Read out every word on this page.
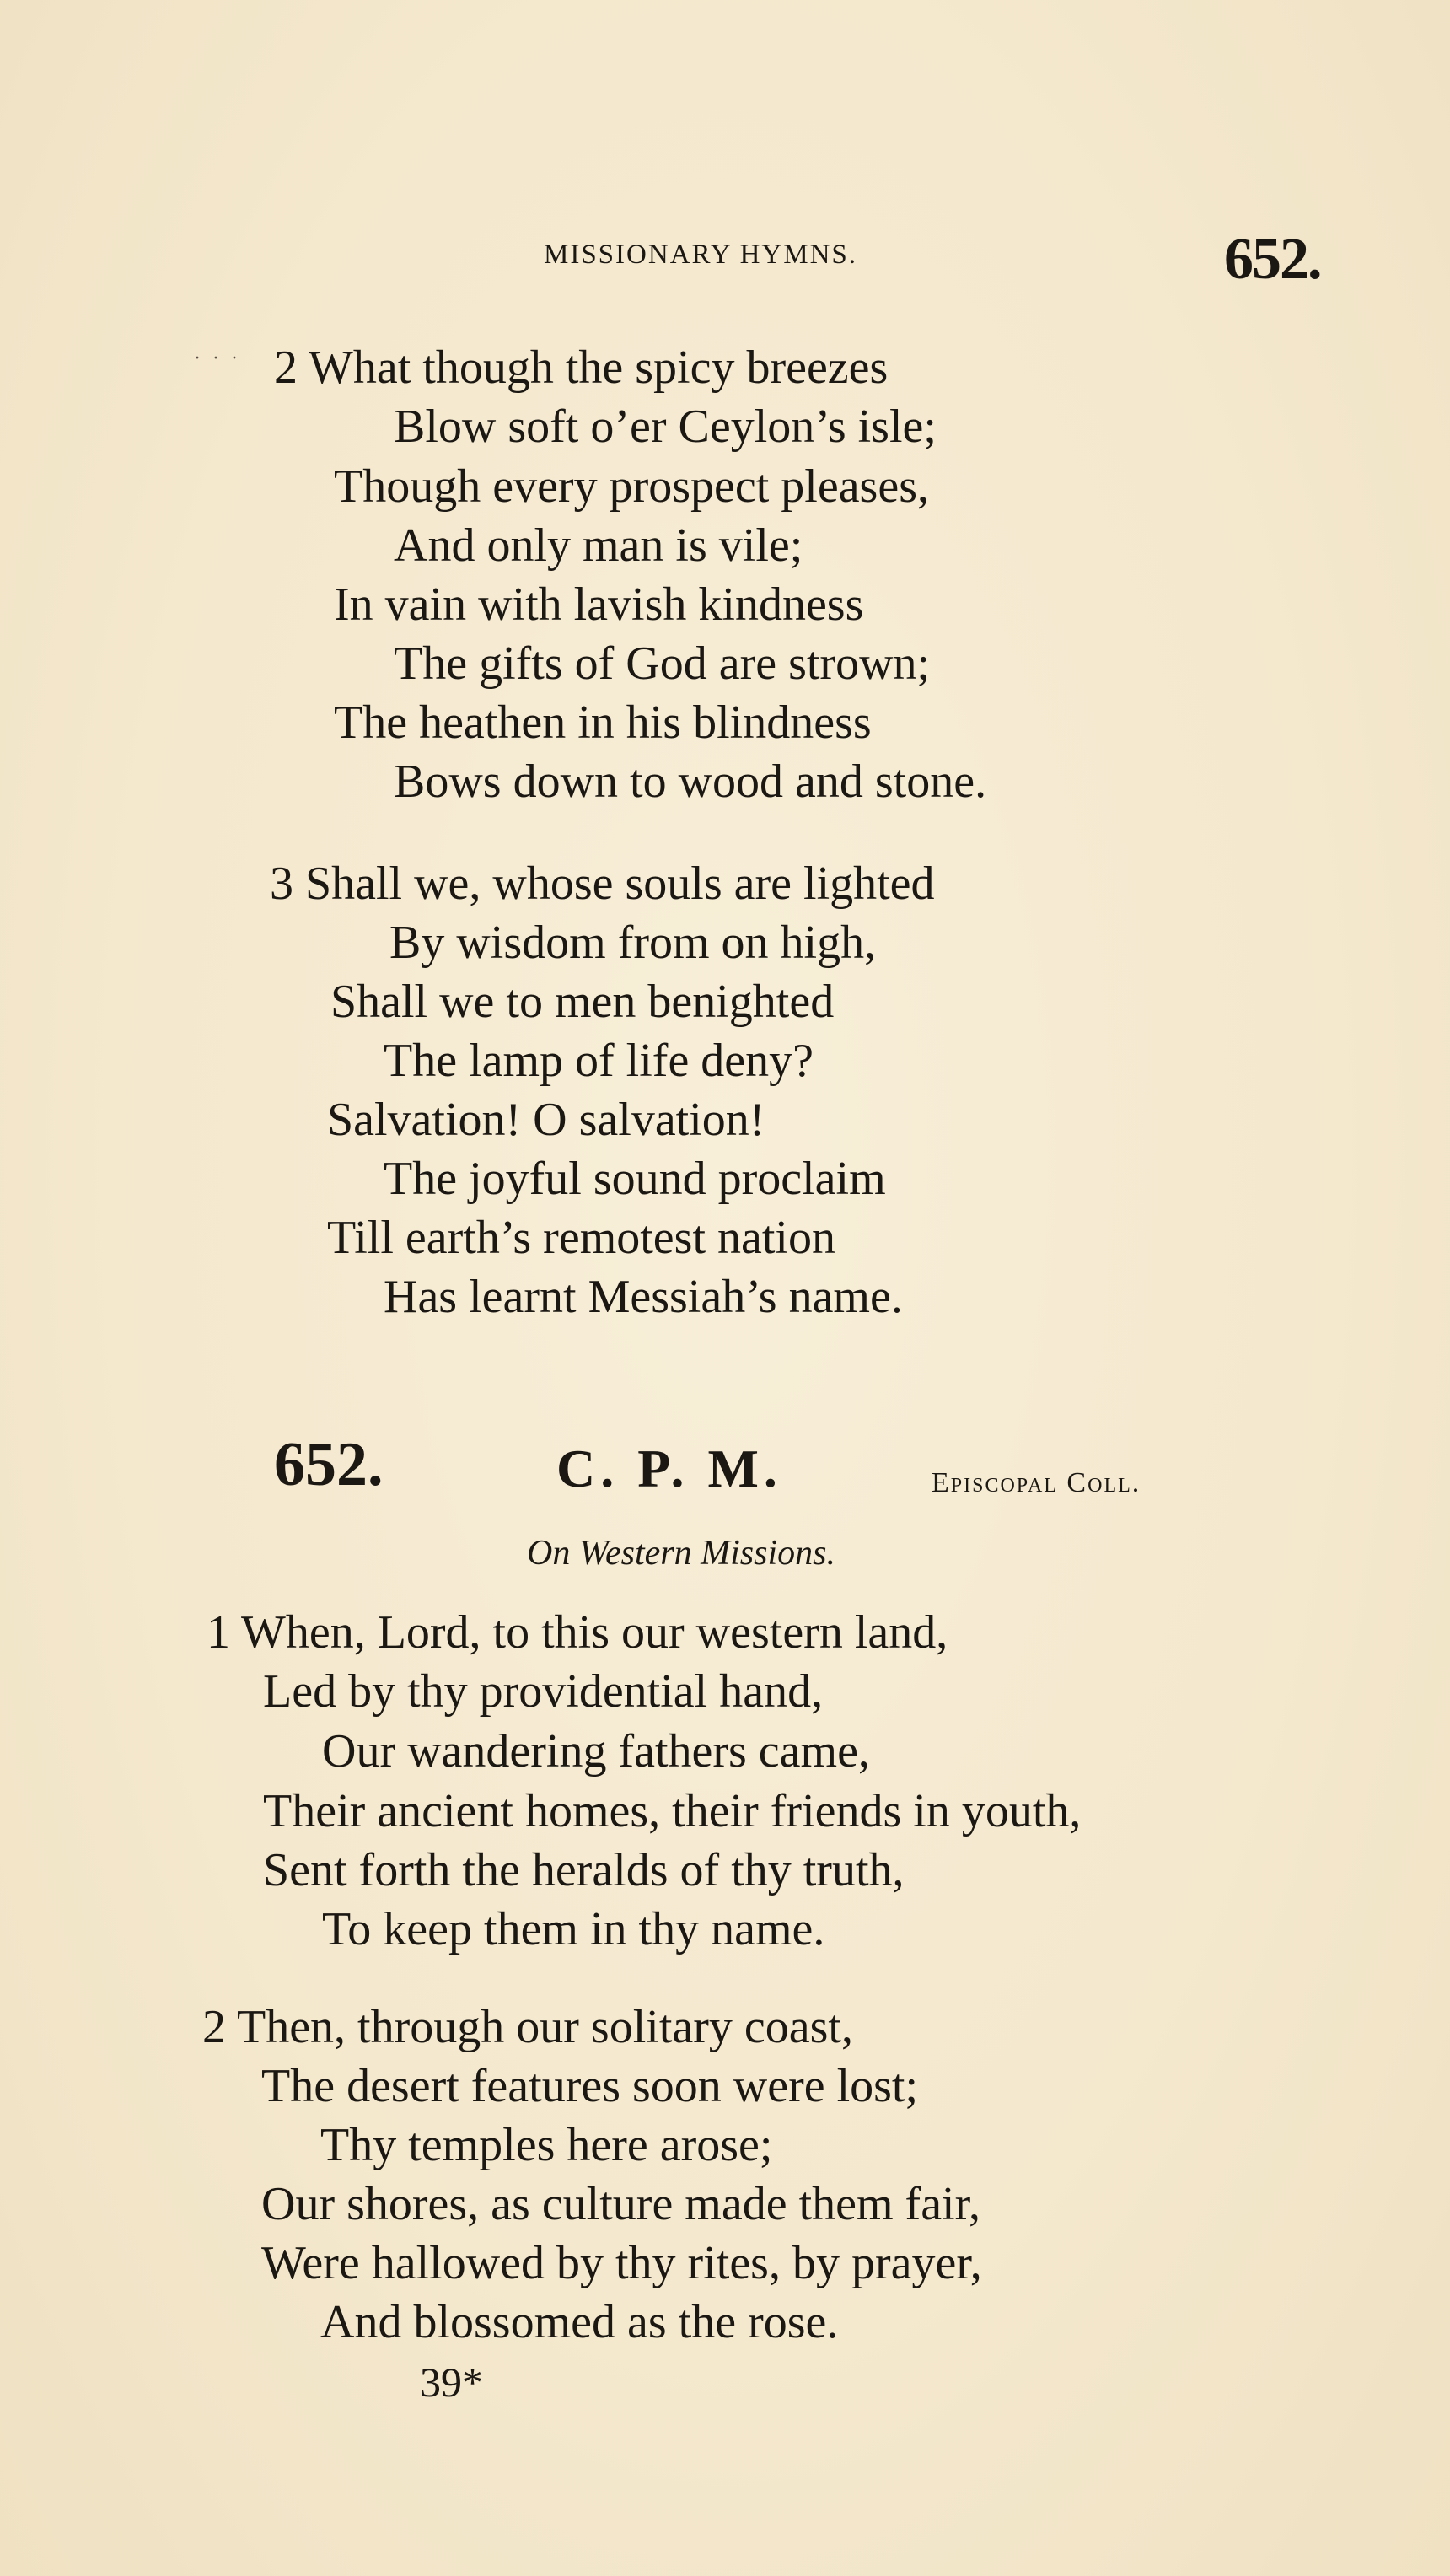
MISSIONARY HYMNS.	652.
· · · 2 What though the spicy breezes
Blow soft o’er Ceylon’s isle;
Though every prospect pleases,
And only man is vile;
In vain with lavish kindness
The gifts of God are strown;
The heathen in his blindness
Bows down to wood and stone.
3 Shall we, whose souls are lighted
By wisdom from on high,
Shall we to men benighted
The lamp of life deny?
Salvation! O salvation!
The joyful sound proclaim
Till earth’s remotest nation
Has learnt Messiah’s name.
652.	C. P. M.	Episcopal Coll.
On Western Missions.
1 When, Lord, to this our western land,
Led by thy providential hand,
Our wandering fathers came,
Their ancient homes, their friends in youth,
Sent forth the heralds of thy truth,
To keep them in thy name.
2 Then, through our solitary coast,
The desert features soon were lost;
Thy temples here arose;
Our shores, as culture made them fair,
Were hallowed by thy rites, by prayer,
And blossomed as the rose.
39*
